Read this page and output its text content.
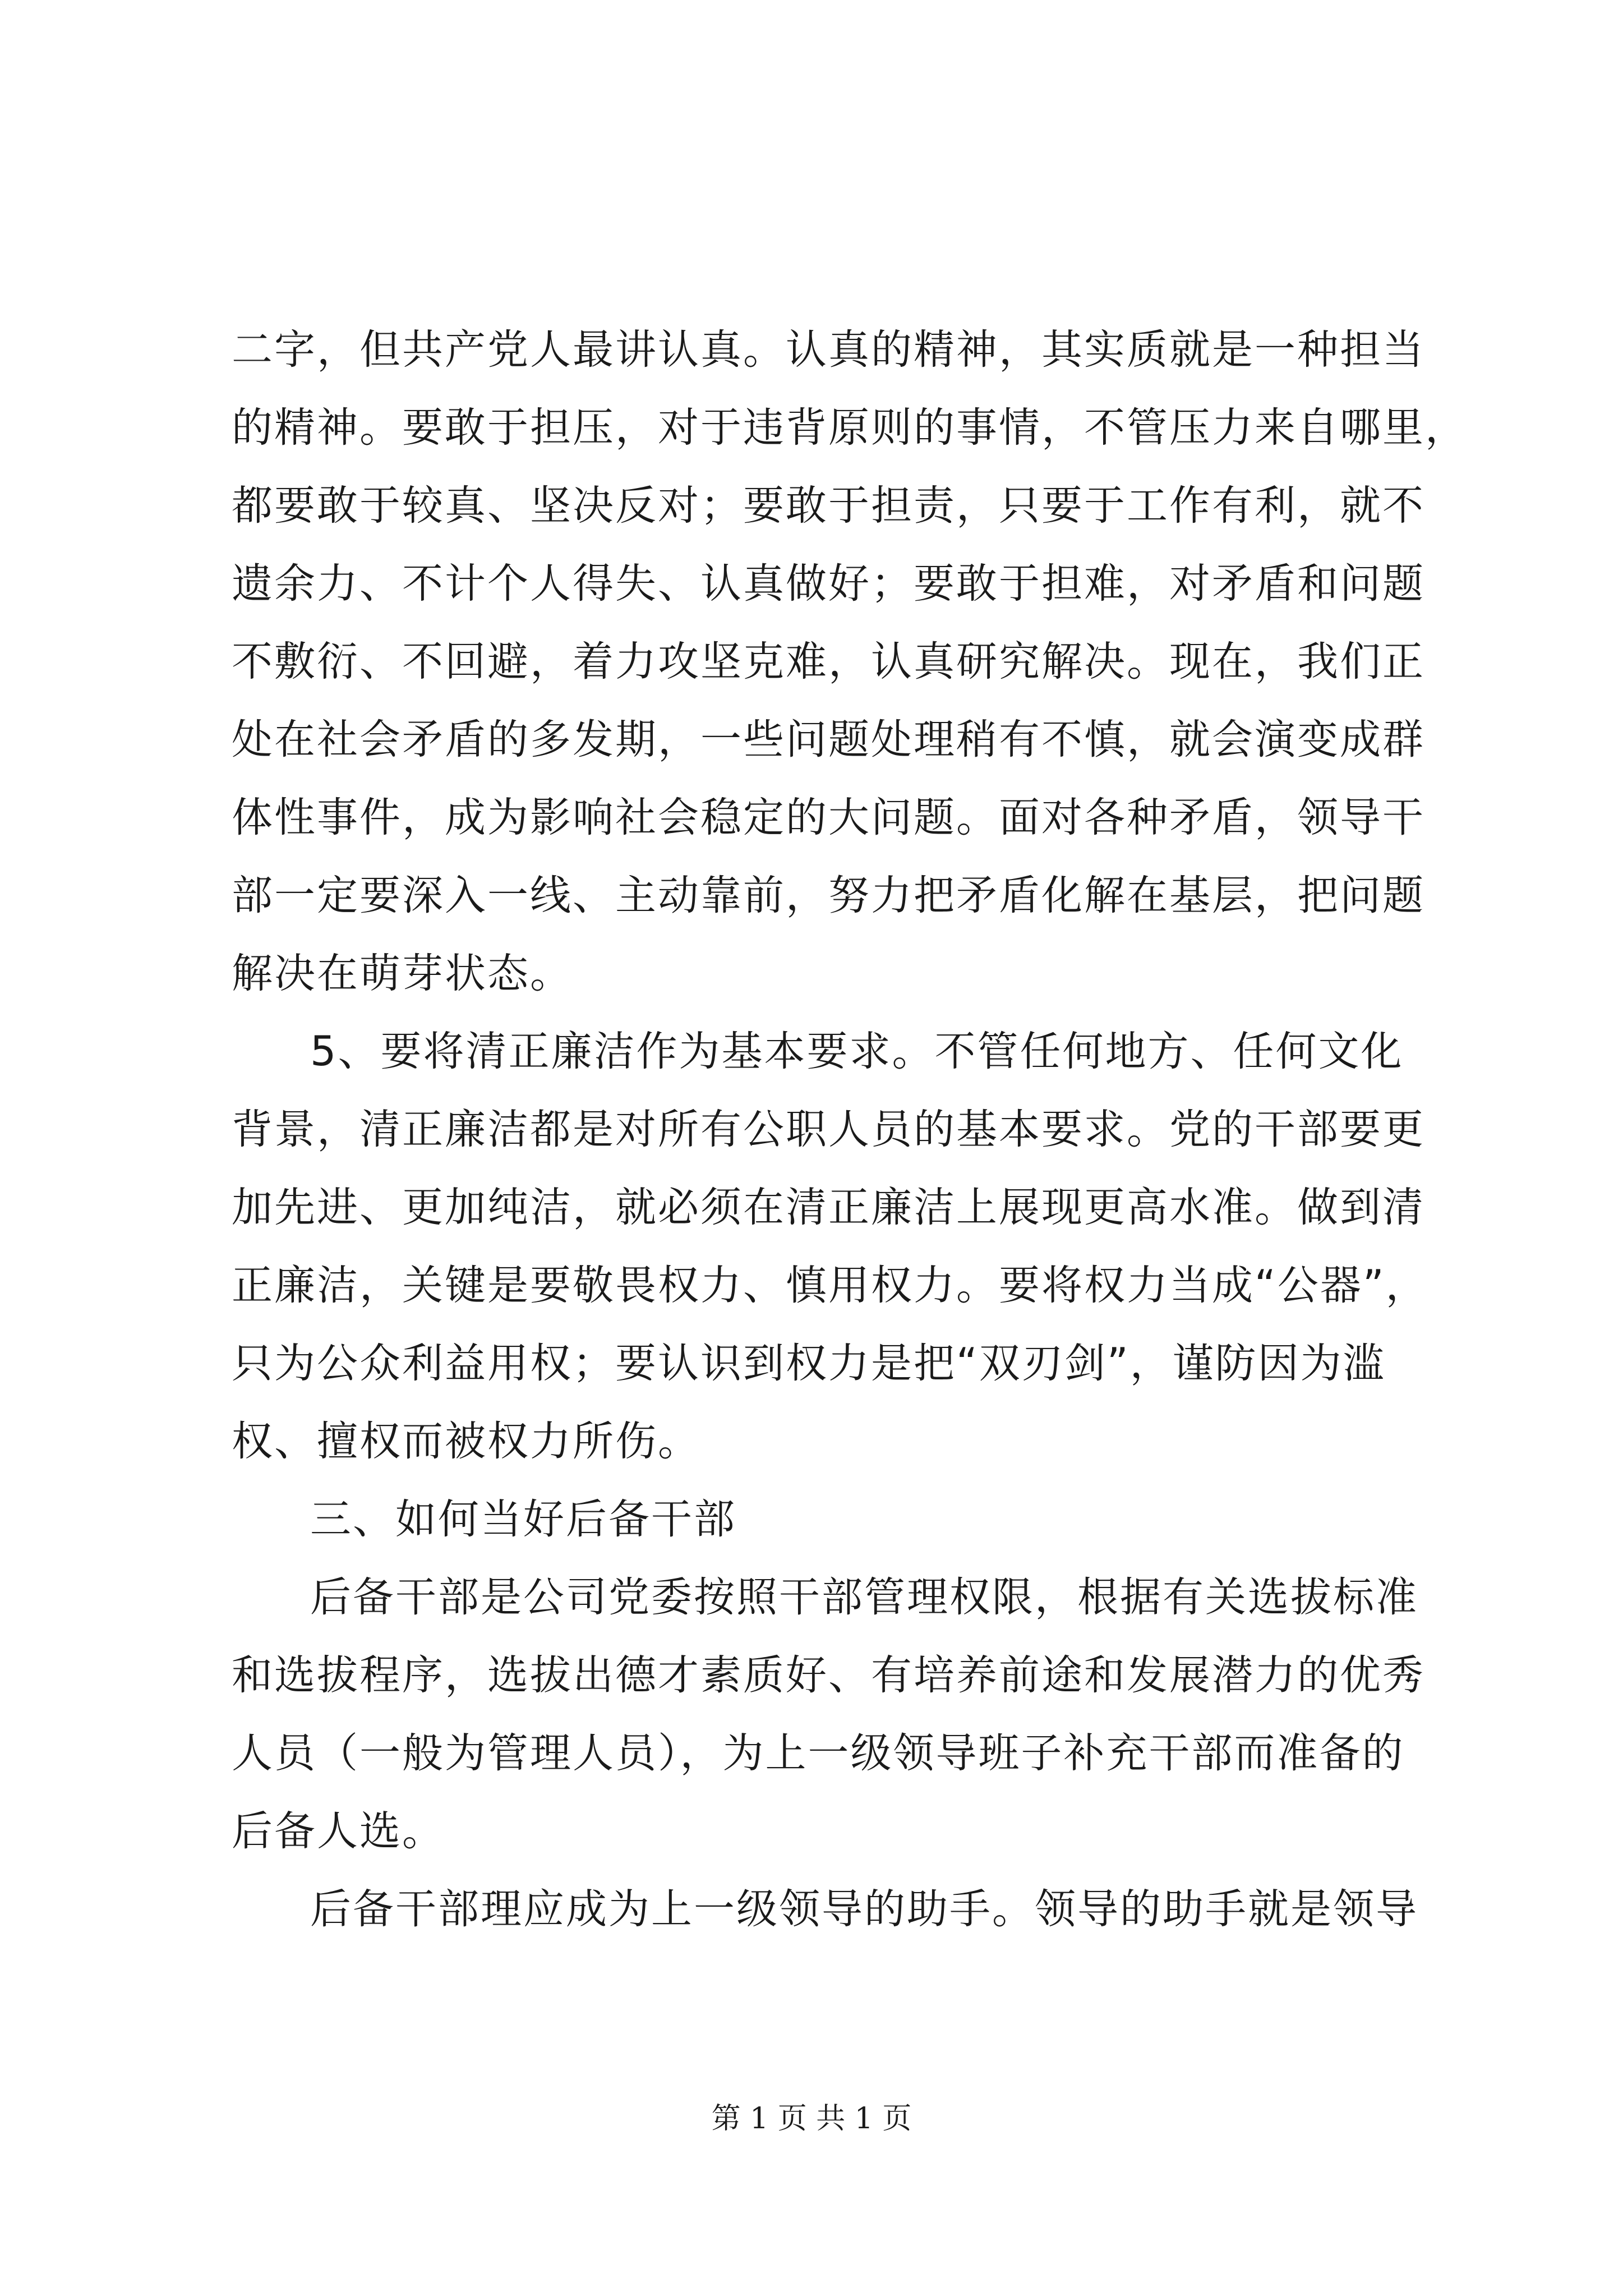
二字，但共产党人最讲认真。认真的精神，其实质就是一种担当
的精神。要敢于担压，对于违背原则的事情，不管压力来自哪里，
都要敢于较真、坚决反对；要敢于担责，只要于工作有利，就不
遗余力、不计个人得失、认真做好；要敢于担难，对矛盾和问题
不敷衍、不回避，着力攻坚克难，认真研究解决。现在，我们正
处在社会矛盾的多发期，一些问题处理稍有不慎，就会演变成群
体性事件，成为影响社会稳定的大问题。面对各种矛盾，领导干
部一定要深入一线、主动靠前，努力把矛盾化解在基层，把问题
解决在萌芽状态。
5、要将清正廉洁作为基本要求。不管任何地方、任何文化
背景，清正廉洁都是对所有公职人员的基本要求。党的干部要更
加先进、更加纯洁，就必须在清正廉洁上展现更高水准。做到清
正廉洁，关键是要敬畏权力、慎用权力。要将权力当成“公器”，
只为公众利益用权；要认识到权力是把“双刃剑”，谨防因为滥
权、擅权而被权力所伤。
三、如何当好后备干部
后备干部是公司党委按照干部管理权限，根据有关选拔标准
和选拔程序，选拔出德才素质好、有培养前途和发展潜力的优秀
人员（一般为管理人员），为上一级领导班子补充干部而准备的
后备人选。
后备干部理应成为上一级领导的助手。领导的助手就是领导
第 1 页 共 1 页
